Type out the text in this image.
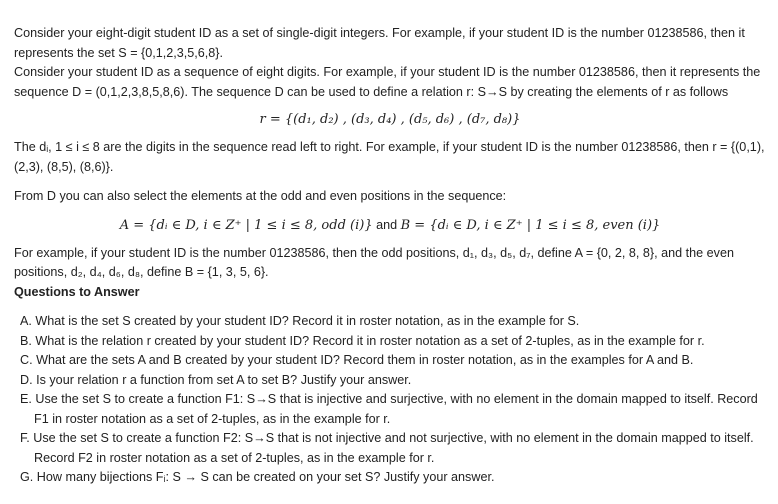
Consider your eight-digit student ID as a set of single-digit integers. For example, if your student ID is the number 01238586, then it represents the set S = {0,1,2,3,5,6,8}.

Consider your student ID as a sequence of eight digits. For example, if your student ID is the number 01238586, then it represents the sequence D = (0,1,2,3,8,5,8,6). The sequence D can be used to define a relation r: S→S by creating the elements of r as follows

r = {(d₁, d₂) , (d₃, d₄) , (d₅, d₆) , (d₇, d₈)}

The dᵢ, 1 ≤ i ≤ 8 are the digits in the sequence read left to right. For example, if your student ID is the number 01238586, then r = {(0,1), (2,3), (8,5), (8,6)}.

From D you can also select the elements at the odd and even positions in the sequence:

A = {dᵢ ∈ D, i ∈ Z⁺ | 1 ≤ i ≤ 8, odd (i)} and B = {dᵢ ∈ D, i ∈ Z⁺ | 1 ≤ i ≤ 8, even (i)}

For example, if your student ID is the number 01238586, then the odd positions, d₁, d₃, d₅, d₇, define A = {0, 2, 8, 8}, and the even positions, d₂, d₄, d₆, d₈, define B = {1, 3, 5, 6}.

Questions to Answer

A. What is the set S created by your student ID? Record it in roster notation, as in the example for S.
B. What is the relation r created by your student ID? Record it in roster notation as a set of 2-tuples, as in the example for r.
C. What are the sets A and B created by your student ID? Record them in roster notation, as in the examples for A and B.
D. Is your relation r a function from set A to set B? Justify your answer.
E. Use the set S to create a function F1: S→S that is injective and surjective, with no element in the domain mapped to itself. Record
F1 in roster notation as a set of 2-tuples, as in the example for r.
F. Use the set S to create a function F2: S→S that is not injective and not surjective, with no element in the domain mapped to itself.
Record F2 in roster notation as a set of 2-tuples, as in the example for r.
G. How many bijections Fᵢ: S → S can be created on your set S? Justify your answer.
